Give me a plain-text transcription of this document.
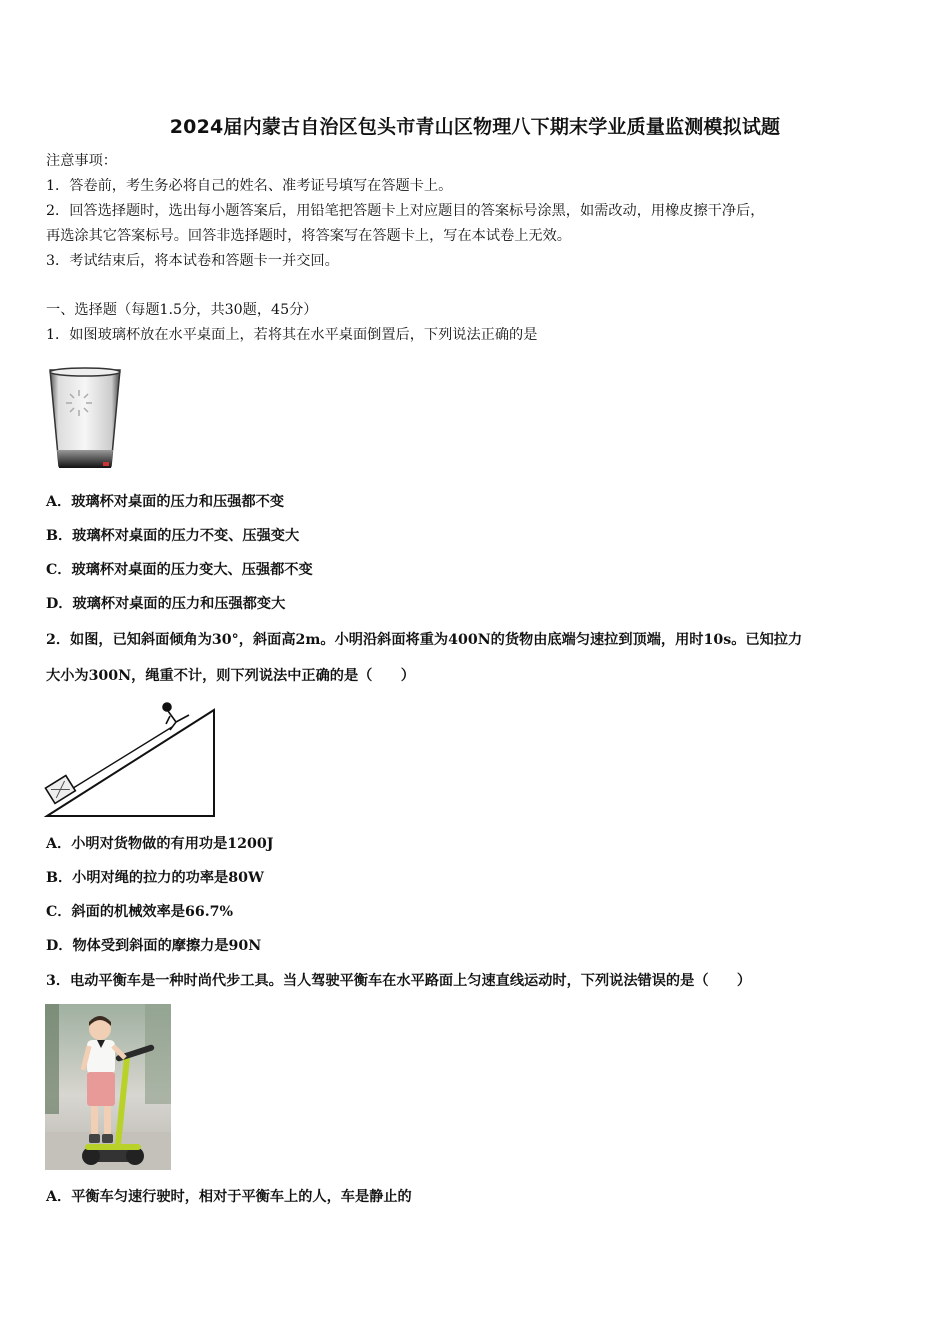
2024届内蒙古自治区包头市青山区物理八下期末学业质量监测模拟试题
注意事项：
1．答卷前，考生务必将自己的姓名、准考证号填写在答题卡上。
2．回答选择题时，选出每小题答案后，用铅笔把答题卡上对应题目的答案标号涂黑，如需改动，用橡皮擦干净后，
再选涂其它答案标号。回答非选择题时，将答案写在答题卡上，写在本试卷上无效。
3．考试结束后，将本试卷和答题卡一并交回。
一、选择题（每题1.5分，共30题，45分）
1．如图玻璃杯放在水平桌面上，若将其在水平桌面倒置后，下列说法正确的是
A．玻璃杯对桌面的压力和压强都不变
B．玻璃杯对桌面的压力不变、压强变大
C．玻璃杯对桌面的压力变大、压强都不变
D．玻璃杯对桌面的压力和压强都变大
2．如图，已知斜面倾角为30°，斜面高2m。小明沿斜面将重为400N的货物由底端匀速拉到顶端，用时10s。已知拉力
大小为300N，绳重不计，则下列说法中正确的是（　　）
A．小明对货物做的有用功是1200J
B．小明对绳的拉力的功率是80W
C．斜面的机械效率是66.7%
D．物体受到斜面的摩擦力是90N
3．电动平衡车是一种时尚代步工具。当人驾驶平衡车在水平路面上匀速直线运动时，下列说法错误的是（　　）
A．平衡车匀速行驶时，相对于平衡车上的人，车是静止的
